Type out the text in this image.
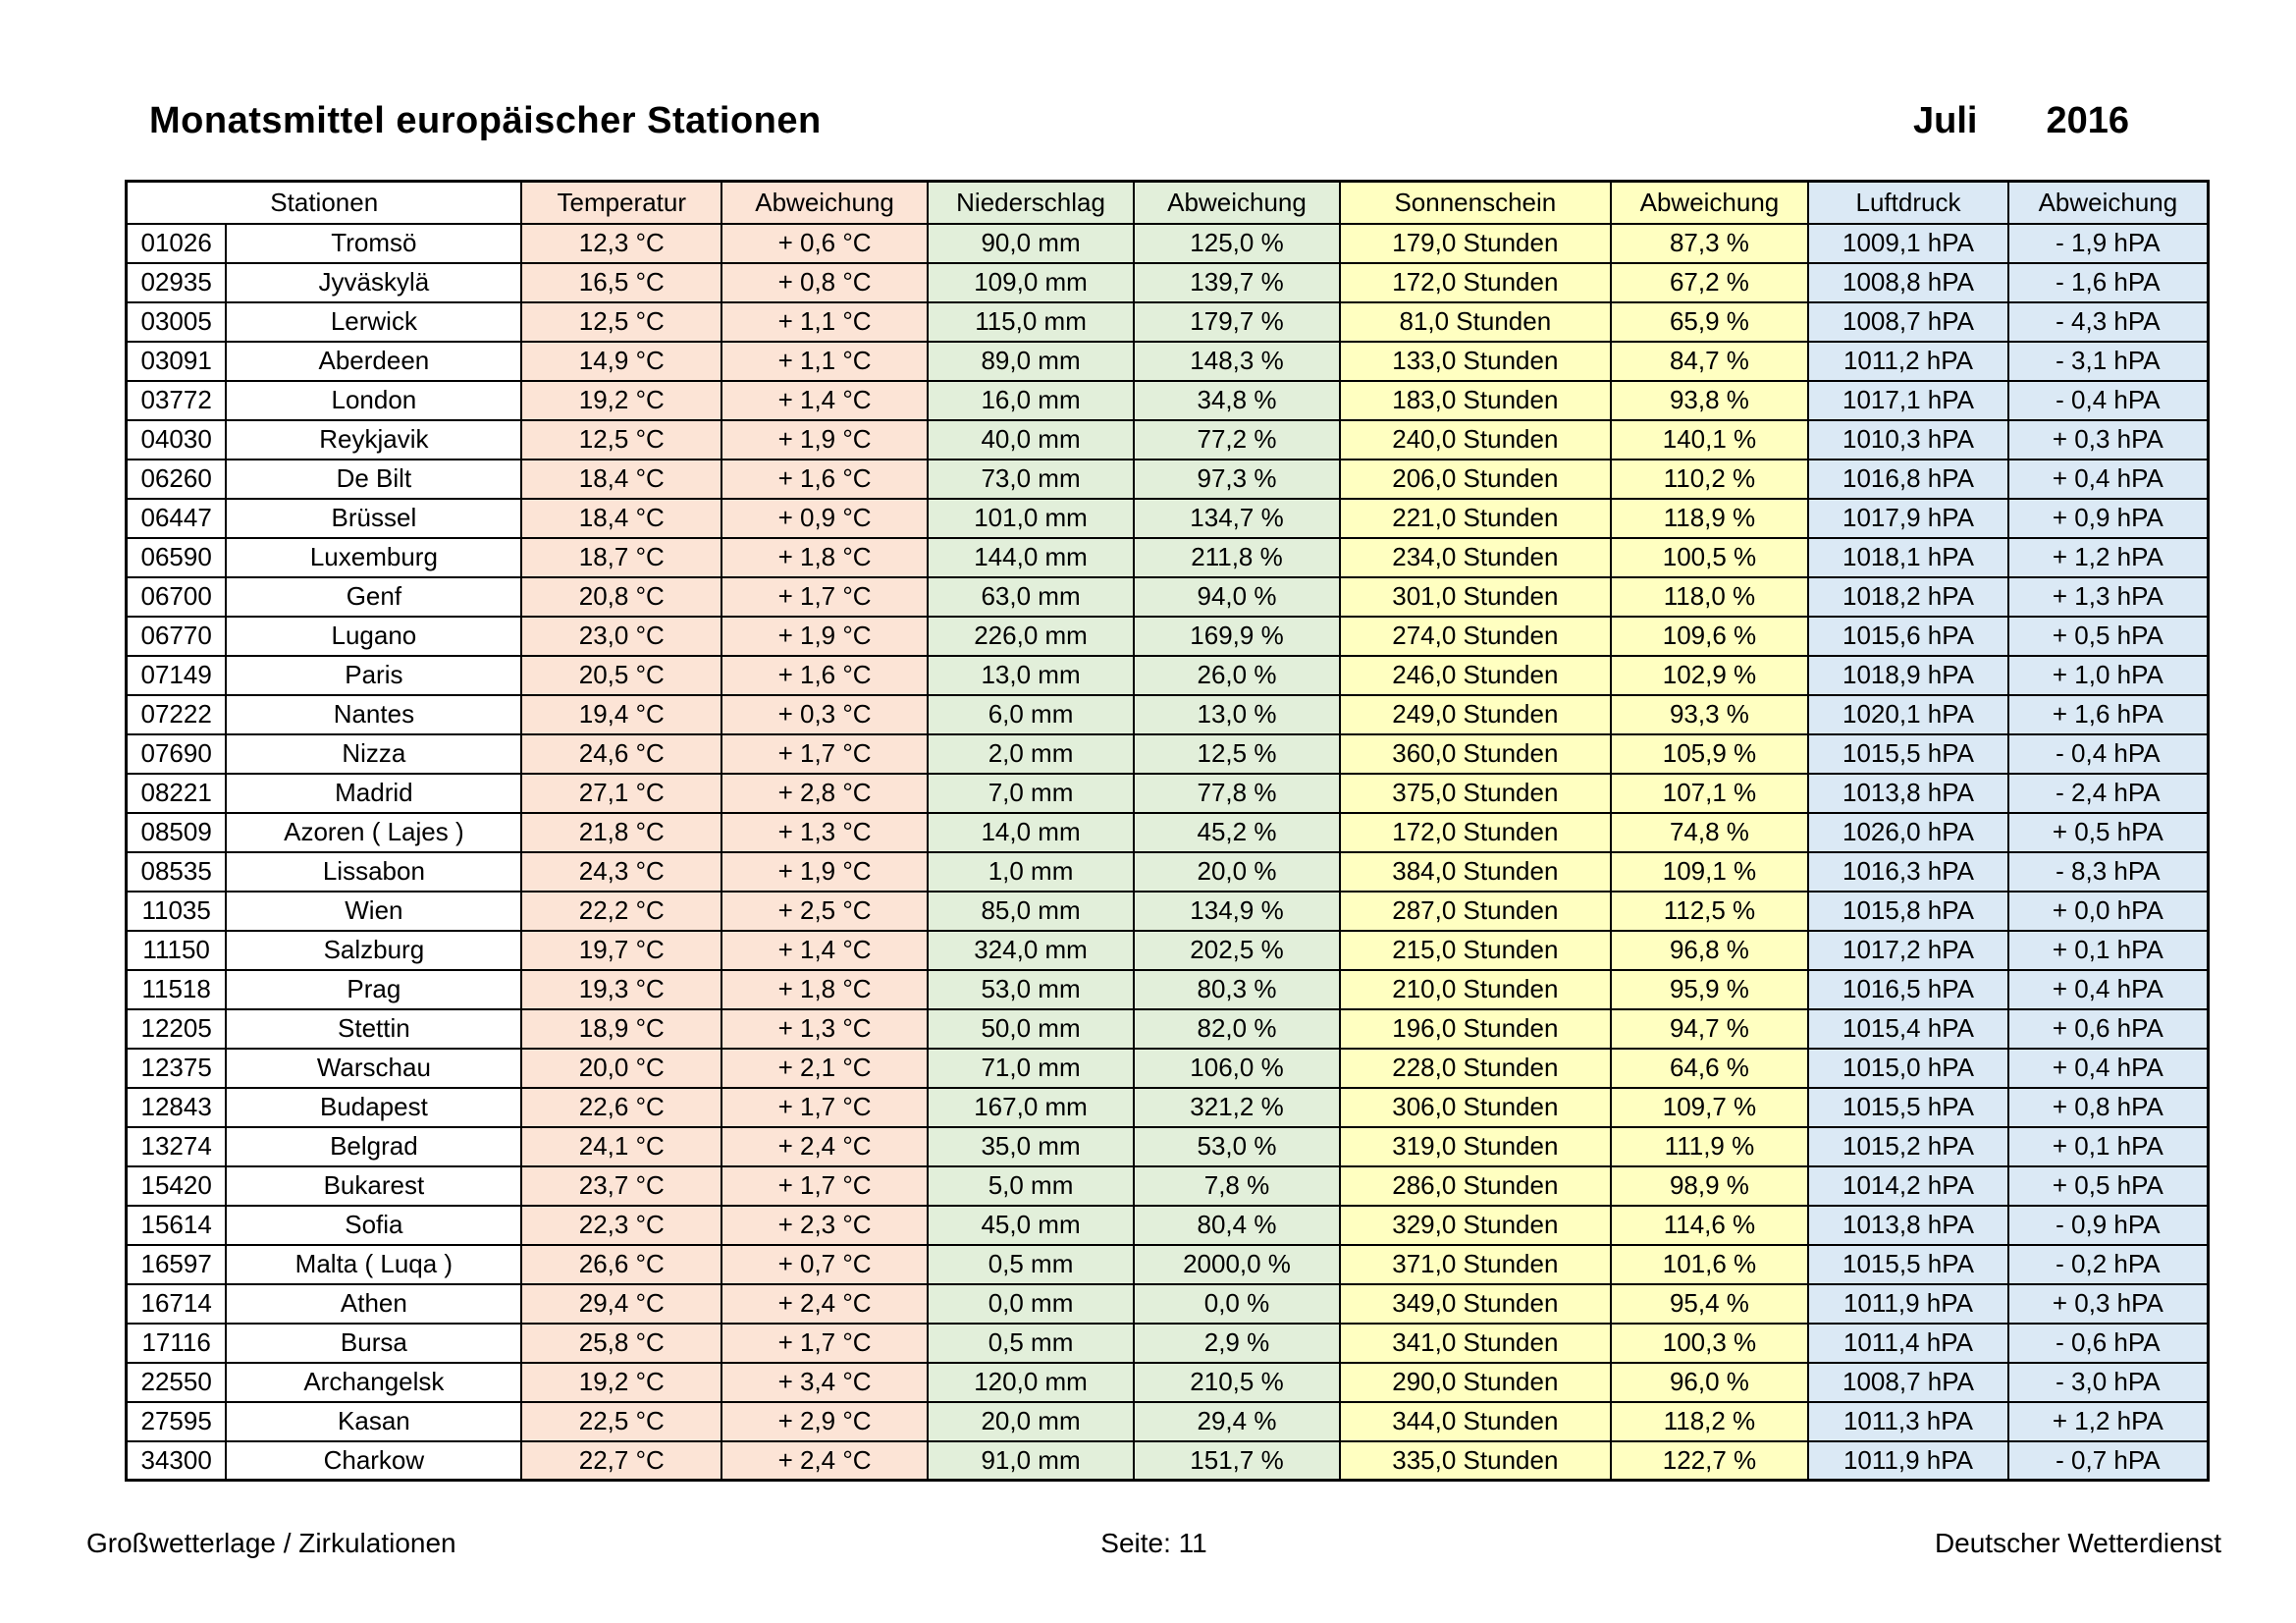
Monatsmittel europäischer Stationen	Juli 2016
Stationen		Temperatur	Abweichung	Niederschlag	Abweichung	Sonnenschein	Abweichung	Luftdruck	Abweichung
01026	Tromsö	12,3 °C	+ 0,6 °C	90,0 mm	125,0 %	179,0 Stunden	87,3 %	1009,1 hPA	- 1,9 hPA
02935	Jyväskylä	16,5 °C	+ 0,8 °C	109,0 mm	139,7 %	172,0 Stunden	67,2 %	1008,8 hPA	- 1,6 hPA
03005	Lerwick	12,5 °C	+ 1,1 °C	115,0 mm	179,7 %	81,0 Stunden	65,9 %	1008,7 hPA	- 4,3 hPA
03091	Aberdeen	14,9 °C	+ 1,1 °C	89,0 mm	148,3 %	133,0 Stunden	84,7 %	1011,2 hPA	- 3,1 hPA
03772	London	19,2 °C	+ 1,4 °C	16,0 mm	34,8 %	183,0 Stunden	93,8 %	1017,1 hPA	- 0,4 hPA
04030	Reykjavik	12,5 °C	+ 1,9 °C	40,0 mm	77,2 %	240,0 Stunden	140,1 %	1010,3 hPA	+ 0,3 hPA
06260	De Bilt	18,4 °C	+ 1,6 °C	73,0 mm	97,3 %	206,0 Stunden	110,2 %	1016,8 hPA	+ 0,4 hPA
06447	Brüssel	18,4 °C	+ 0,9 °C	101,0 mm	134,7 %	221,0 Stunden	118,9 %	1017,9 hPA	+ 0,9 hPA
06590	Luxemburg	18,7 °C	+ 1,8 °C	144,0 mm	211,8 %	234,0 Stunden	100,5 %	1018,1 hPA	+ 1,2 hPA
06700	Genf	20,8 °C	+ 1,7 °C	63,0 mm	94,0 %	301,0 Stunden	118,0 %	1018,2 hPA	+ 1,3 hPA
06770	Lugano	23,0 °C	+ 1,9 °C	226,0 mm	169,9 %	274,0 Stunden	109,6 %	1015,6 hPA	+ 0,5 hPA
07149	Paris	20,5 °C	+ 1,6 °C	13,0 mm	26,0 %	246,0 Stunden	102,9 %	1018,9 hPA	+ 1,0 hPA
07222	Nantes	19,4 °C	+ 0,3 °C	6,0 mm	13,0 %	249,0 Stunden	93,3 %	1020,1 hPA	+ 1,6 hPA
07690	Nizza	24,6 °C	+ 1,7 °C	2,0 mm	12,5 %	360,0 Stunden	105,9 %	1015,5 hPA	- 0,4 hPA
08221	Madrid	27,1 °C	+ 2,8 °C	7,0 mm	77,8 %	375,0 Stunden	107,1 %	1013,8 hPA	- 2,4 hPA
08509	Azoren ( Lajes )	21,8 °C	+ 1,3 °C	14,0 mm	45,2 %	172,0 Stunden	74,8 %	1026,0 hPA	+ 0,5 hPA
08535	Lissabon	24,3 °C	+ 1,9 °C	1,0 mm	20,0 %	384,0 Stunden	109,1 %	1016,3 hPA	- 8,3 hPA
11035	Wien	22,2 °C	+ 2,5 °C	85,0 mm	134,9 %	287,0 Stunden	112,5 %	1015,8 hPA	+ 0,0 hPA
11150	Salzburg	19,7 °C	+ 1,4 °C	324,0 mm	202,5 %	215,0 Stunden	96,8 %	1017,2 hPA	+ 0,1 hPA
11518	Prag	19,3 °C	+ 1,8 °C	53,0 mm	80,3 %	210,0 Stunden	95,9 %	1016,5 hPA	+ 0,4 hPA
12205	Stettin	18,9 °C	+ 1,3 °C	50,0 mm	82,0 %	196,0 Stunden	94,7 %	1015,4 hPA	+ 0,6 hPA
12375	Warschau	20,0 °C	+ 2,1 °C	71,0 mm	106,0 %	228,0 Stunden	64,6 %	1015,0 hPA	+ 0,4 hPA
12843	Budapest	22,6 °C	+ 1,7 °C	167,0 mm	321,2 %	306,0 Stunden	109,7 %	1015,5 hPA	+ 0,8 hPA
13274	Belgrad	24,1 °C	+ 2,4 °C	35,0 mm	53,0 %	319,0 Stunden	111,9 %	1015,2 hPA	+ 0,1 hPA
15420	Bukarest	23,7 °C	+ 1,7 °C	5,0 mm	7,8 %	286,0 Stunden	98,9 %	1014,2 hPA	+ 0,5 hPA
15614	Sofia	22,3 °C	+ 2,3 °C	45,0 mm	80,4 %	329,0 Stunden	114,6 %	1013,8 hPA	- 0,9 hPA
16597	Malta ( Luqa )	26,6 °C	+ 0,7 °C	0,5 mm	2000,0 %	371,0 Stunden	101,6 %	1015,5 hPA	- 0,2 hPA
16714	Athen	29,4 °C	+ 2,4 °C	0,0 mm	0,0 %	349,0 Stunden	95,4 %	1011,9 hPA	+ 0,3 hPA
17116	Bursa	25,8 °C	+ 1,7 °C	0,5 mm	2,9 %	341,0 Stunden	100,3 %	1011,4 hPA	- 0,6 hPA
22550	Archangelsk	19,2 °C	+ 3,4 °C	120,0 mm	210,5 %	290,0 Stunden	96,0 %	1008,7 hPA	- 3,0 hPA
27595	Kasan	22,5 °C	+ 2,9 °C	20,0 mm	29,4 %	344,0 Stunden	118,2 %	1011,3 hPA	+ 1,2 hPA
34300	Charkow	22,7 °C	+ 2,4 °C	91,0 mm	151,7 %	335,0 Stunden	122,7 %	1011,9 hPA	- 0,7 hPA
Großwetterlage / Zirkulationen	Seite: 11	Deutscher Wetterdienst
